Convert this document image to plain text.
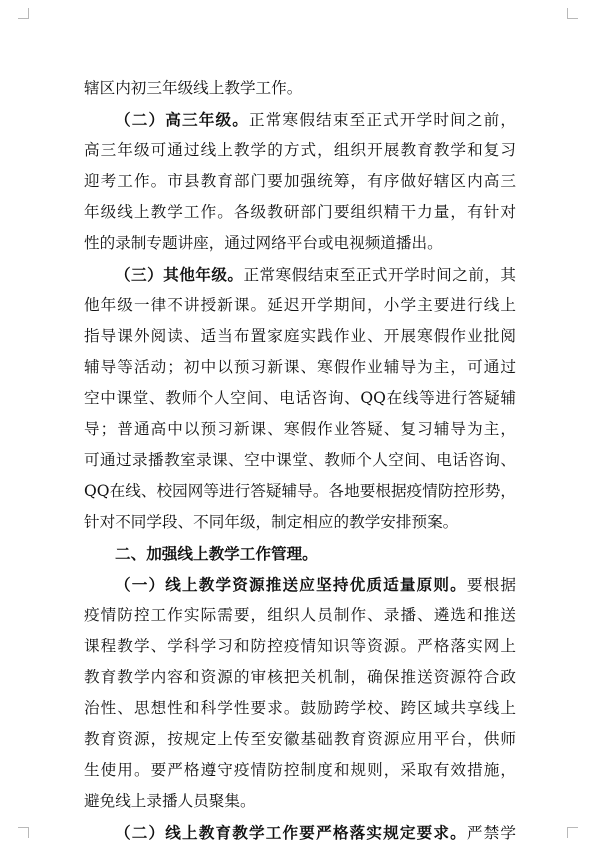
辖区内初三年级线上教学工作。
（二）高三年级。正常寒假结束至正式开学时间之前，
高三年级可通过线上教学的方式，组织开展教育教学和复习
迎考工作。市县教育部门要加强统筹，有序做好辖区内高三
年级线上教学工作。各级教研部门要组织精干力量，有针对
性的录制专题讲座，通过网络平台或电视频道播出。
（三）其他年级。正常寒假结束至正式开学时间之前，其
他年级一律不讲授新课。延迟开学期间，小学主要进行线上
指导课外阅读、适当布置家庭实践作业、开展寒假作业批阅
辅导等活动；初中以预习新课、寒假作业辅导为主，可通过
空中课堂、教师个人空间、电话咨询、QQ在线等进行答疑辅
导；普通高中以预习新课、寒假作业答疑、复习辅导为主，
可通过录播教室录课、空中课堂、教师个人空间、电话咨询、
QQ在线、校园网等进行答疑辅导。各地要根据疫情防控形势，
针对不同学段、不同年级，制定相应的教学安排预案。
二、加强线上教学工作管理。
（一）线上教学资源推送应坚持优质适量原则。要根据
疫情防控工作实际需要，组织人员制作、录播、遴选和推送
课程教学、学科学习和防控疫情知识等资源。严格落实网上
教育教学内容和资源的审核把关机制，确保推送资源符合政
治性、思想性和科学性要求。鼓励跨学校、跨区域共享线上
教育资源，按规定上传至安徽基础教育资源应用平台，供师
生使用。要严格遵守疫情防控制度和规则，采取有效措施，
避免线上录播人员聚集。
（二）线上教育教学工作要严格落实规定要求。严禁学
